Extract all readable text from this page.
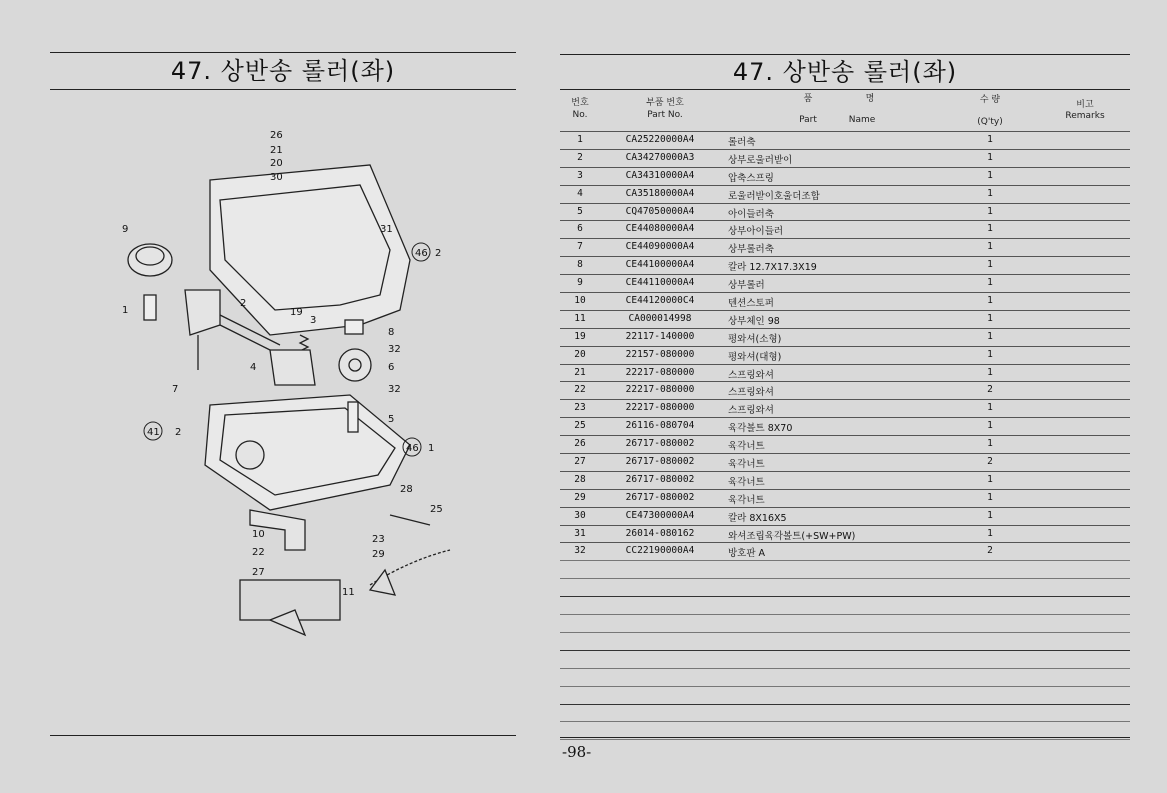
47. 상반송 롤러(좌)
26
21
20
30
31
46 2
9
2
1	19
3
8
32
4	6
32
7
5
41 2
46 1
28
25
10	23
22	29
27
11
47. 상반송 롤러(좌)
번호
No.
부품 번호
Part No.
품	명
Part	Name
수 량
(Q'ty)
비고
Remarks
1	CA25220000A4	롤러축	1
2	CA34270000A3	상부로울러받이	1
3	CA34310000A4	압축스프링	1
4	CA35180000A4	로울러받이호울더조합	1
5	CQ47050000A4	아이들러축	1
6	CE44080000A4	상부아이들러	1
7	CE44090000A4	상부롤러축	1
8	CE44100000A4	칼라 12.7X17.3X19	1
9	CE44110000A4	상부롤러	1
10	CE44120000C4	텐션스토퍼	1
11	CA000014998	상부체인 98	1
19	22117-140000	평와셔(소형)	1
20	22157-080000	평와셔(대형)	1
21	22217-080000	스프링와셔	1
22	22217-080000	스프링와셔	2
23	22217-080000	스프링와셔	1
25	26116-080704	육각볼트 8X70	1
26	26717-080002	육각너트	1
27	26717-080002	육각너트	2
28	26717-080002	육각너트	1
29	26717-080002	육각너트	1
30	CE47300000A4	칼라 8X16X5	1
31	26014-080162	와셔조립육각볼트(+SW+PW)	1
32	CC22190000A4	방호판 A	2
-98-
